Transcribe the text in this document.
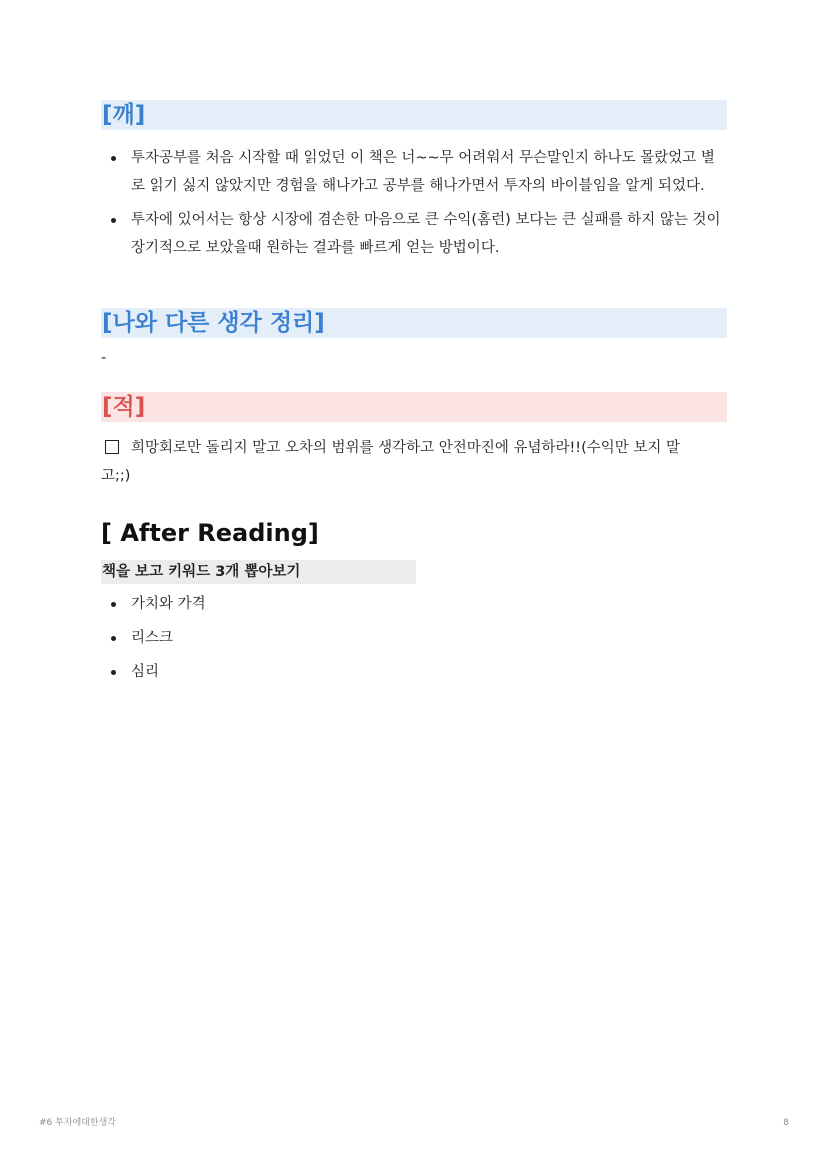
[깨]
투자공부를 처음 시작할 때 읽었던 이 책은 너~~무 어려워서 무슨말인지 하나도 몰랐었고 별로 읽기 싫지 않았지만 경험을 해나가고 공부를 해나가면서 투자의 바이블임을 알게 되었다.
투자에 있어서는 항상 시장에 겸손한 마음으로 큰 수익(홈런) 보다는 큰 실패를 하지 않는 것이 장기적으로 보았을때 원하는 결과를 빠르게 얻는 방법이다.
[나와 다른 생각 정리]
-
[적]
희망회로만 돌리지 말고 오차의 범위를 생각하고 안전마진에 유념하라!!(수익만 보지 말
고;;)
[ After Reading]
책을 보고 키워드 3개 뽑아보기
가치와 가격
리스크
심리
#6 투자에대한생각	8
